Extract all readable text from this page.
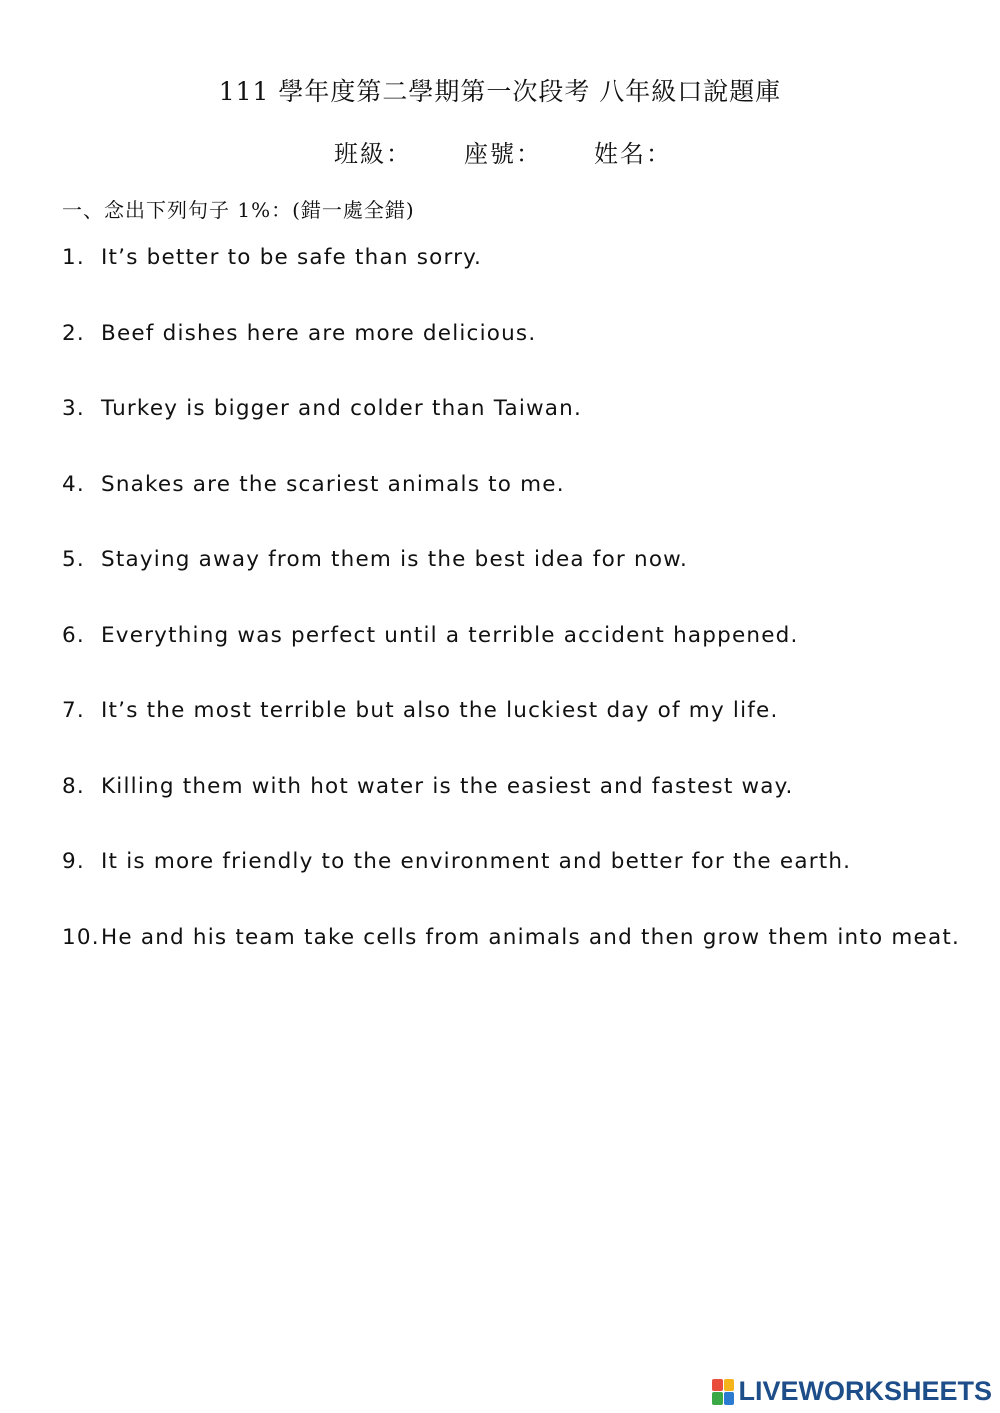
111 學年度第二學期第一次段考 八年級口說題庫
班級： 座號： 姓名：
一、念出下列句子 1%：(錯一處全錯)
1. It’s better to be safe than sorry.
2. Beef dishes here are more delicious.
3. Turkey is bigger and colder than Taiwan.
4. Snakes are the scariest animals to me.
5. Staying away from them is the best idea for now.
6. Everything was perfect until a terrible accident happened.
7. It’s the most terrible but also the luckiest day of my life.
8. Killing them with hot water is the easiest and fastest way.
9. It is more friendly to the environment and better for the earth.
10. He and his team take cells from animals and then grow them into meat.
LIVEWORKSHEETS
